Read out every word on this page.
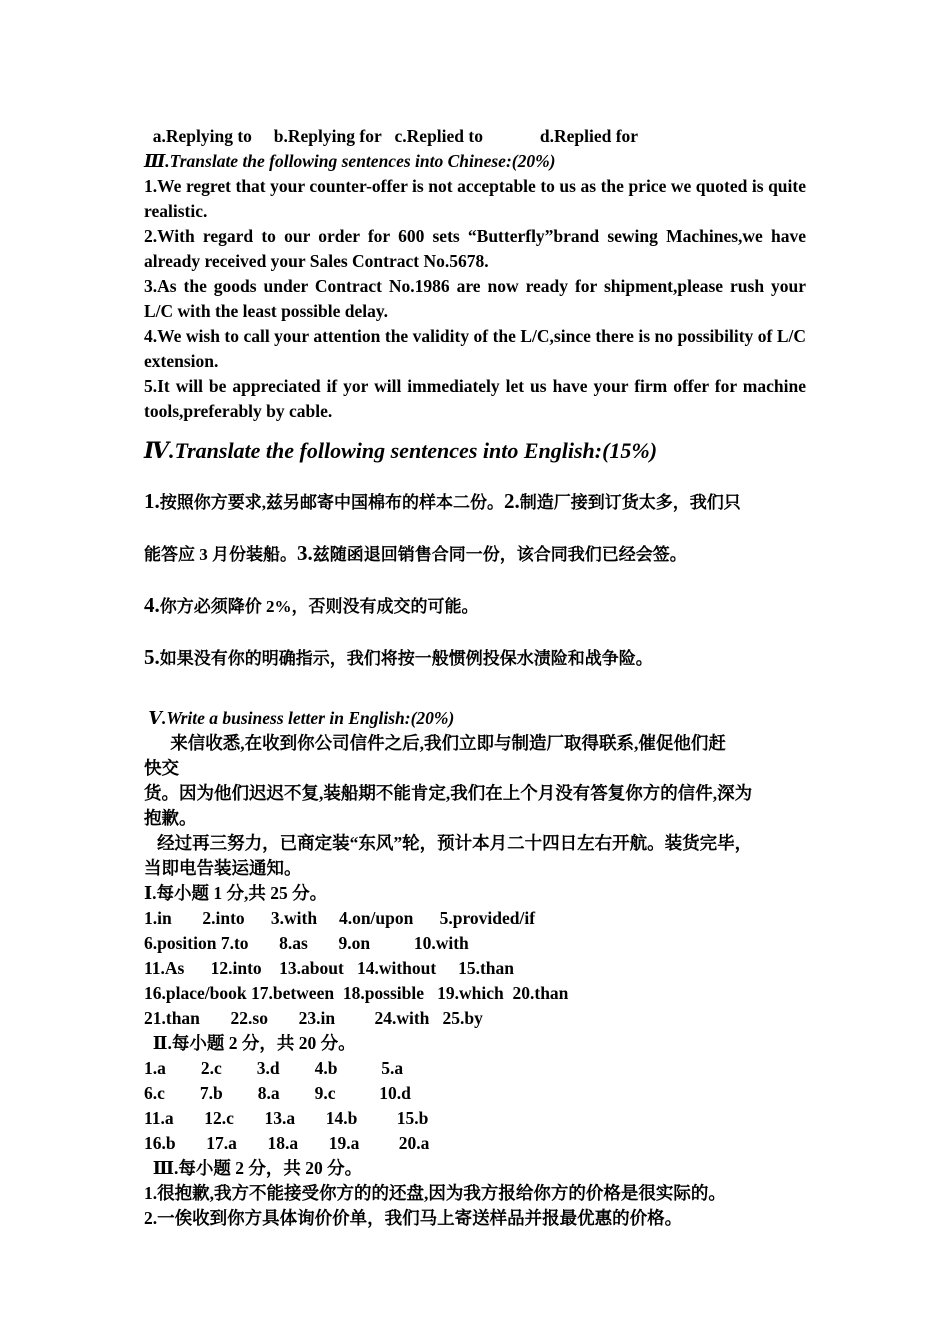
a.Replying to     b.Replying for   c.Replied to             d.Replied for
Ⅲ.Translate the following sentences into Chinese:(20%)
1.We regret that your counter-offer is not acceptable to us as the price we quoted is quite realistic.
2.With regard to our order for 600 sets “Butterfly”brand sewing Machines,we have already received your Sales Contract No.5678.
3.As the goods under Contract No.1986 are now ready for shipment,please rush your L/C with the least possible delay.
4.We wish to call your attention the validity of the L/C,since there is no possibility of L/C extension.
5.It will be appreciated if yor will immediately let us have your firm offer for machine tools,preferably by cable.
Ⅳ.Translate the following sentences into English:(15%)
1.按照你方要求,兹另邮寄中国棉布的样本二份。2.制造厂接到订货太多，我们只
能答应 3 月份装船。3.兹随函退回销售合同一份，该合同我们已经会签。
4.你方必须降价 2%，否则没有成交的可能。
5.如果没有你的明确指示，我们将按一般惯例投保水渍险和战争险。
Ⅴ.Write a business letter in English:(20%)
来信收悉,在收到你公司信件之后,我们立即与制造厂取得联系,催促他们赶
快交
货。因为他们迟迟不复,装船期不能肯定,我们在上个月没有答复你方的信件,深为
抱歉。
经过再三努力，已商定装“东风”轮，预计本月二十四日左右开航。装货完毕，
当即电告装运通知。
Ⅰ.每小题 1 分,共 25 分。
1.in       2.into      3.with     4.on/upon      5.provided/if
6.position 7.to       8.as       9.on          10.with
11.As      12.into    13.about   14.without     15.than
16.place/book 17.between  18.possible   19.which  20.than
21.than       22.so       23.in         24.with   25.by
Ⅱ.每小题 2 分，共 20 分。
1.a        2.c        3.d        4.b          5.a
6.c        7.b        8.a        9.c          10.d
11.a       12.c       13.a       14.b         15.b
16.b       17.a       18.a       19.a         20.a
Ⅲ.每小题 2 分，共 20 分。
1.很抱歉,我方不能接受你方的的还盘,因为我方报给你方的价格是很实际的。
2.一俟收到你方具体询价价单，我们马上寄送样品并报最优惠的价格。
